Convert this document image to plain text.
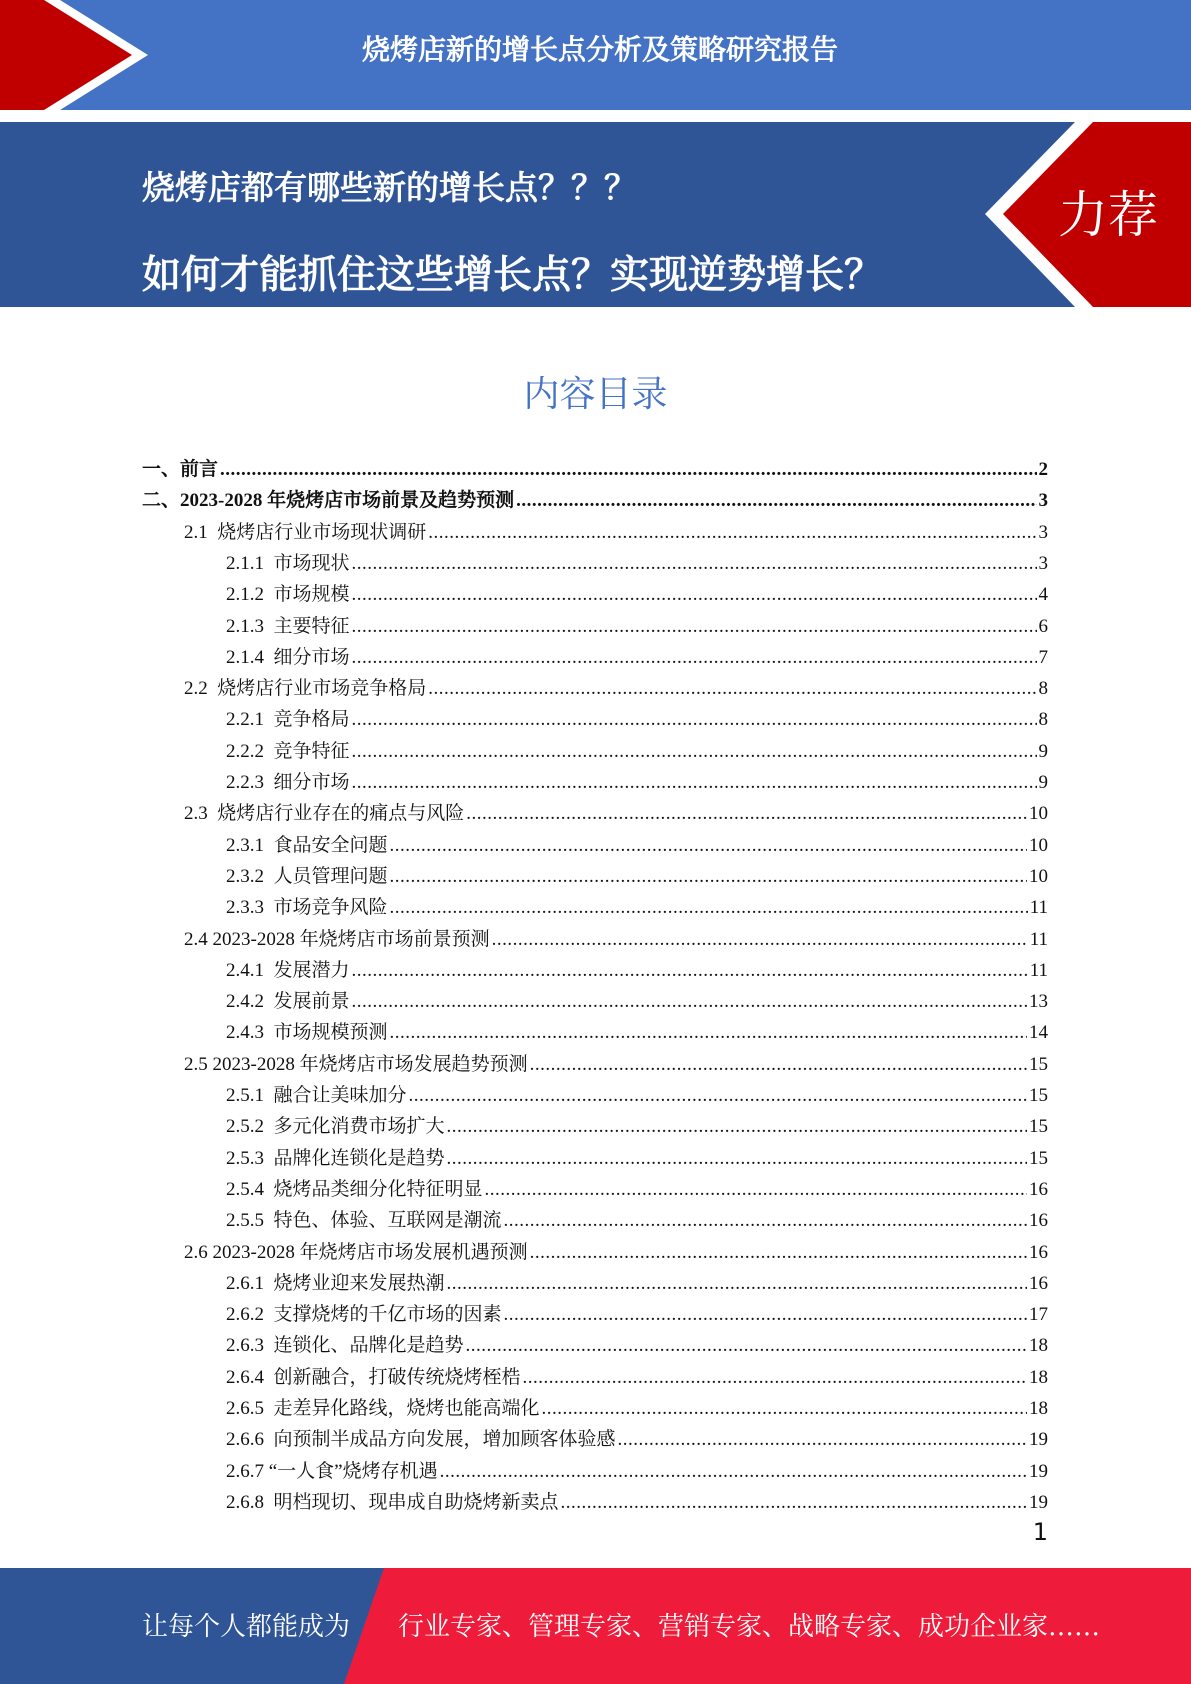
烧烤店新的增长点分析及策略研究报告
烧烤店都有哪些新的增长点？？？
如何才能抓住这些增长点？实现逆势增长？
力荐
内容目录
一、前言 .....	2
二、2023-2028 年烧烤店市场前景及趋势预测 .....	3
2.1  烧烤店行业市场现状调研 .....	3
2.1.1  市场现状 .....	3
2.1.2  市场规模 .....	4
2.1.3  主要特征 .....	6
2.1.4  细分市场 .....	7
2.2  烧烤店行业市场竞争格局 .....	8
2.2.1  竞争格局 .....	8
2.2.2  竞争特征 .....	9
2.2.3  细分市场 .....	9
2.3  烧烤店行业存在的痛点与风险 .....	10
2.3.1  食品安全问题 .....	10
2.3.2  人员管理问题 .....	10
2.3.3  市场竞争风险 .....	11
2.4 2023-2028 年烧烤店市场前景预测 .....	11
2.4.1  发展潜力 .....	11
2.4.2  发展前景 .....	13
2.4.3  市场规模预测 .....	14
2.5 2023-2028 年烧烤店市场发展趋势预测 .....	15
2.5.1  融合让美味加分 .....	15
2.5.2  多元化消费市场扩大 .....	15
2.5.3  品牌化连锁化是趋势 .....	15
2.5.4  烧烤品类细分化特征明显 .....	16
2.5.5  特色、体验、互联网是潮流 .....	16
2.6 2023-2028 年烧烤店市场发展机遇预测 .....	16
2.6.1  烧烤业迎来发展热潮 .....	16
2.6.2  支撑烧烤的千亿市场的因素 .....	17
2.6.3  连锁化、品牌化是趋势 .....	18
2.6.4  创新融合，打破传统烧烤桎梏 .....	18
2.6.5  走差异化路线，烧烤也能高端化 .....	18
2.6.6  向预制半成品方向发展，增加顾客体验感 .....	19
2.6.7 “一人食”烧烤存机遇 .....	19
2.6.8  明档现切、现串成自助烧烤新卖点 .....	19
1
让每个人都能成为 行业专家、管理专家、营销专家、战略专家、成功企业家……
